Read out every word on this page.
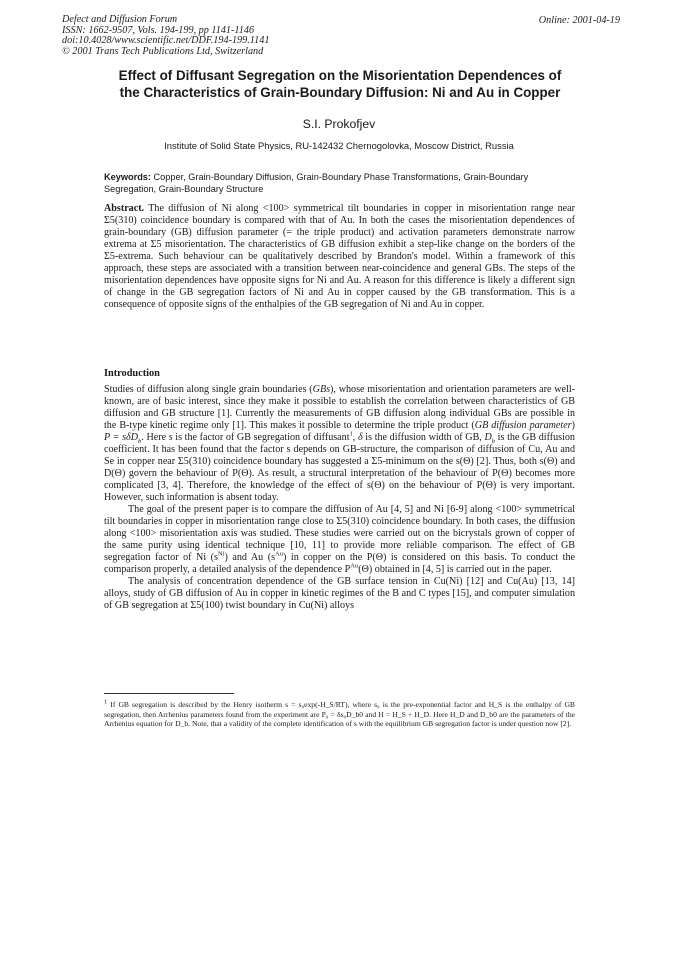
Defect and Diffusion Forum
ISSN: 1662-9507, Vols. 194-199, pp 1141-1146
doi:10.4028/www.scientific.net/DDF.194-199.1141
© 2001 Trans Tech Publications Ltd, Switzerland
Online: 2001-04-19
Effect of Diffusant Segregation on the Misorientation Dependences of
the Characteristics of Grain-Boundary Diffusion: Ni and Au in Copper
S.I. Prokofjev
Institute of Solid State Physics, RU-142432 Chernogolovka, Moscow District, Russia
Keywords: Copper, Grain-Boundary Diffusion, Grain-Boundary Phase Transformations, Grain-Boundary Segregation, Grain-Boundary Structure
Abstract. The diffusion of Ni along <100> symmetrical tilt boundaries in copper in misorientation range near Σ5(310) coincidence boundary is compared with that of Au. In both the cases the misorientation dependences of grain-boundary (GB) diffusion parameter (= the triple product) and activation parameters demonstrate narrow extrema at Σ5 misorientation. The characteristics of GB diffusion exhibit a step-like change on the borders of the Σ5-extrema. Such behaviour can be qualitatively described by Brandon's model. Within a framework of this approach, these steps are associated with a transition between near-coincidence and general GBs. The steps of the misorientation dependences have opposite signs for Ni and Au. A reason for this difference is likely a different sign of change in the GB segregation factors of Ni and Au in copper caused by the GB transformation. This is a consequence of opposite signs of the enthalpies of the GB segregation of Ni and Au in copper.
Introduction

Studies of diffusion along single grain boundaries (GBs), whose misorientation and orientation parameters are well-known, are of basic interest, since they make it possible to establish the correlation between characteristics of GB diffusion and GB structure [1]. Currently the measurements of GB diffusion along individual GBs are possible in the B-type kinetic regime only [1]. This makes it possible to determine the triple product (GB diffusion parameter) P = sδD$_b$. Here s is the factor of GB segregation of diffusant$^1$, δ is the diffusion width of GB, $D_b$ is the GB diffusion coefficient. It has been found that the factor s depends on GB-structure, the comparison of diffusion of Cu, Au and Se in copper near Σ5(310) coincidence boundary has suggested a Σ5-minimum on the s(Θ) [2]. Thus, both s(Θ) and D(Θ) govern the behaviour of P(Θ). As result, a structural interpretation of the behaviour of P(Θ) becomes more complicated [3, 4]. Therefore, the knowledge of the effect of s(Θ) on the behaviour of P(Θ) is very important. However, such information is absent today.

The goal of the present paper is to compare the diffusion of Au [4, 5] and Ni [6-9] along <100> symmetrical tilt boundaries in copper in misorientation range close to Σ5(310) coincidence boundary. In both cases, the diffusion along <100> misorientation axis was studied. These studies were carried out on the bicrystals grown of copper of the same purity using identical technique [10, 11] to provide more reliable comparison. The effect of GB segregation factor of Ni $(s^{Ni})$ and Au $(s^{Au})$ in copper on the P(Θ) is considered on this basis. To conduct the comparison properly, a detailed analysis of the dependence $P^{Au}(\Theta)$ obtained in [4, 5] is carried out in the paper.

The analysis of concentration dependence of the GB surface tension in Cu(Ni) [12] and Cu(Au) [13, 14] alloys, study of GB diffusion of Au in copper in kinetic regimes of the B and C types [15], and computer simulation of GB segregation at Σ5(100) twist boundary in Cu(Ni) alloys

$^1$ If GB segregation is described by the Henry isotherm s = s₀exp(-H_S/RT), where s₀ is the pre-exponential factor and H_S is the enthalpy of GB segregation, then Arrhenius parameters found from the experiment are P₀ = δs₀D_b0 and H = H_S + H_D. Here H_D and D_b0 are the parameters of the Arrhenius equation for D_b. Note, that a validity of the complete identification of s with the equilibrium GB segregation factor is under question now [2].
